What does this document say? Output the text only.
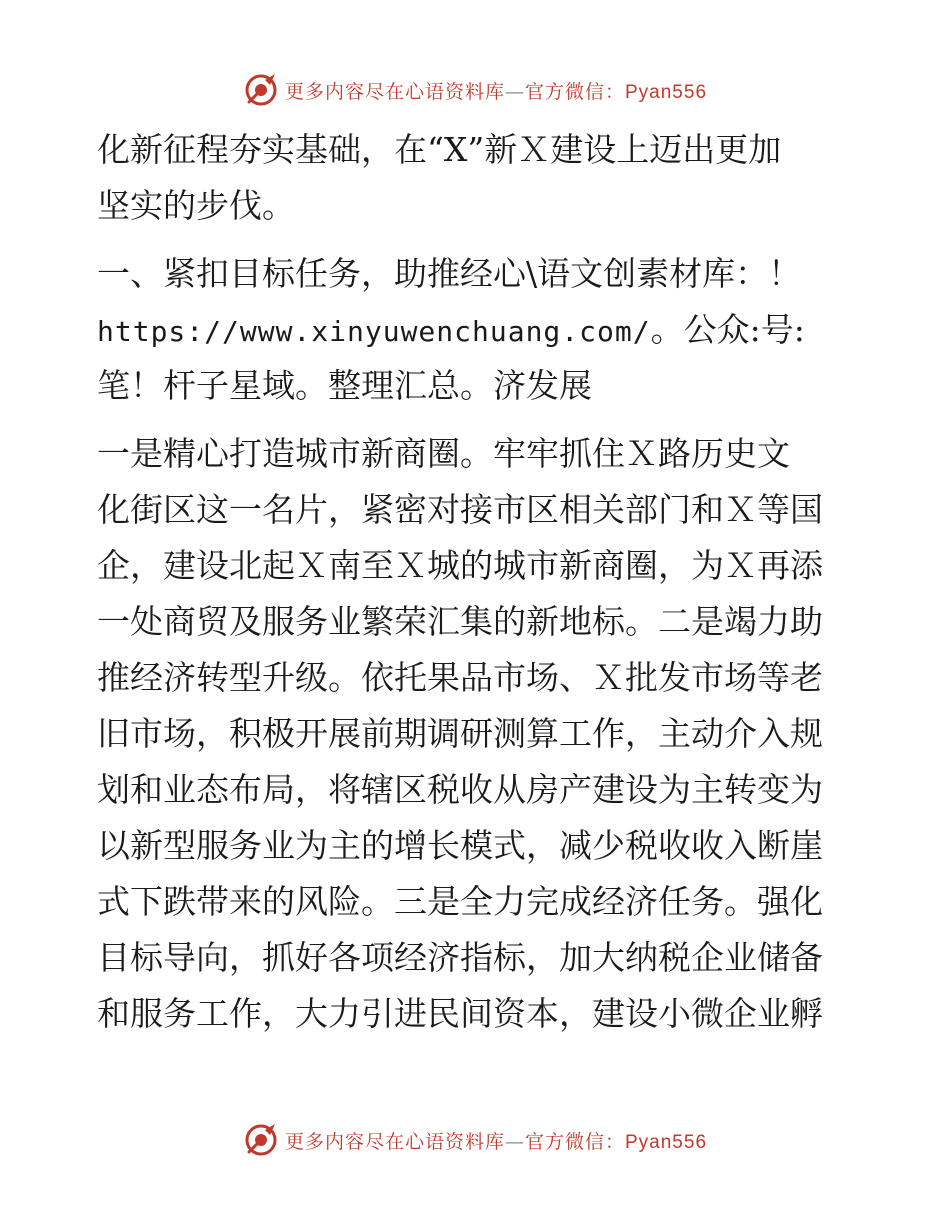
更多内容尽在心语资料库—官方微信：Pyan556
化新征程夯实基础，在“X”新Ｘ建设上迈出更加
坚实的步伐。
一、紧扣目标任务，助推经心\语文创素材库：！
https://www.xinyuwenchuang.com/。公众:号:
笔！杆子星域。整理汇总。济发展
一是精心打造城市新商圈。牢牢抓住Ｘ路历史文
化街区这一名片，紧密对接市区相关部门和Ｘ等国
企，建设北起Ｘ南至Ｘ城的城市新商圈，为Ｘ再添
一处商贸及服务业繁荣汇集的新地标。二是竭力助
推经济转型升级。依托果品市场、Ｘ批发市场等老
旧市场，积极开展前期调研测算工作，主动介入规
划和业态布局，将辖区税收从房产建设为主转变为
以新型服务业为主的增长模式，减少税收收入断崖
式下跌带来的风险。三是全力完成经济任务。强化
目标导向，抓好各项经济指标，加大纳税企业储备
和服务工作，大力引进民间资本，建设小微企业孵
更多内容尽在心语资料库—官方微信：Pyan556
